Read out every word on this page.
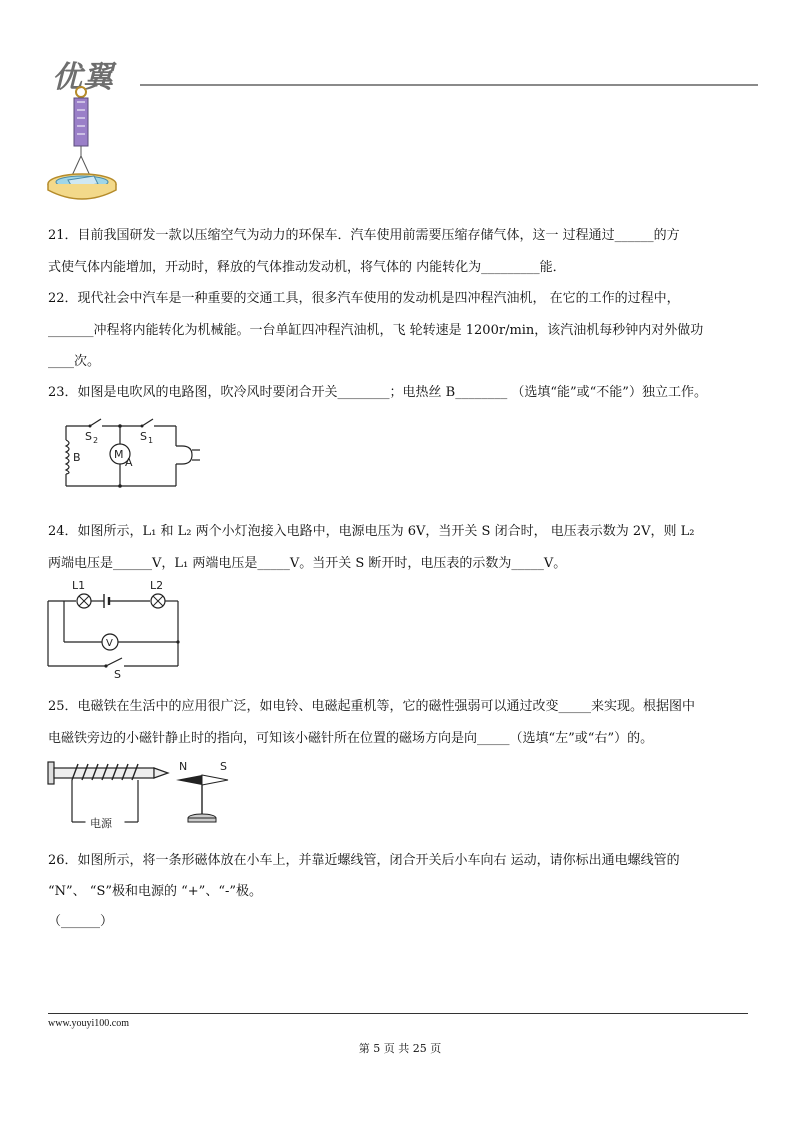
优翼
21．目前我国研发一款以压缩空气为动力的环保车．汽车使用前需要压缩存储气体，这一 过程通过______的方
式使气体内能增加，开动时，释放的气体推动发动机，将气体的 内能转化为_________能．
22．现代社会中汽车是一种重要的交通工具，很多汽车使用的发动机是四冲程汽油机， 在它的工作的过程中，
_______冲程将内能转化为机械能。一台单缸四冲程汽油机，飞 轮转速是 1200r/min，该汽油机每秒钟内对外做功
____次。
23．如图是电吹风的电路图，吹冷风时要闭合开关________；电热丝 B________ （选填“能”或“不能”）独立工作。
S 2	S 1
B	M
A
24．如图所示，L₁ 和 L₂ 两个小灯泡接入电路中，电源电压为 6V，当开关 S 闭合时， 电压表示数为 2V，则 L₂
两端电压是______V，L₁ 两端电压是_____V。当开关 S 断开时，电压表的示数为_____V。
L1	L2
V
S
25．电磁铁在生活中的应用很广泛，如电铃、电磁起重机等，它的磁性强弱可以通过改变_____来实现。根据图中
电磁铁旁边的小磁针静止时的指向，可知该小磁针所在位置的磁场方向是向_____（选填“左”或“右”）的。
电源
N	S
26．如图所示，将一条形磁体放在小车上，并靠近螺线管，闭合开关后小车向右 运动，请你标出通电螺线管的
“N”、 “S”极和电源的 “+”、“-”极。
（______）
www.youyi100.com
第 5 页 共 25 页
